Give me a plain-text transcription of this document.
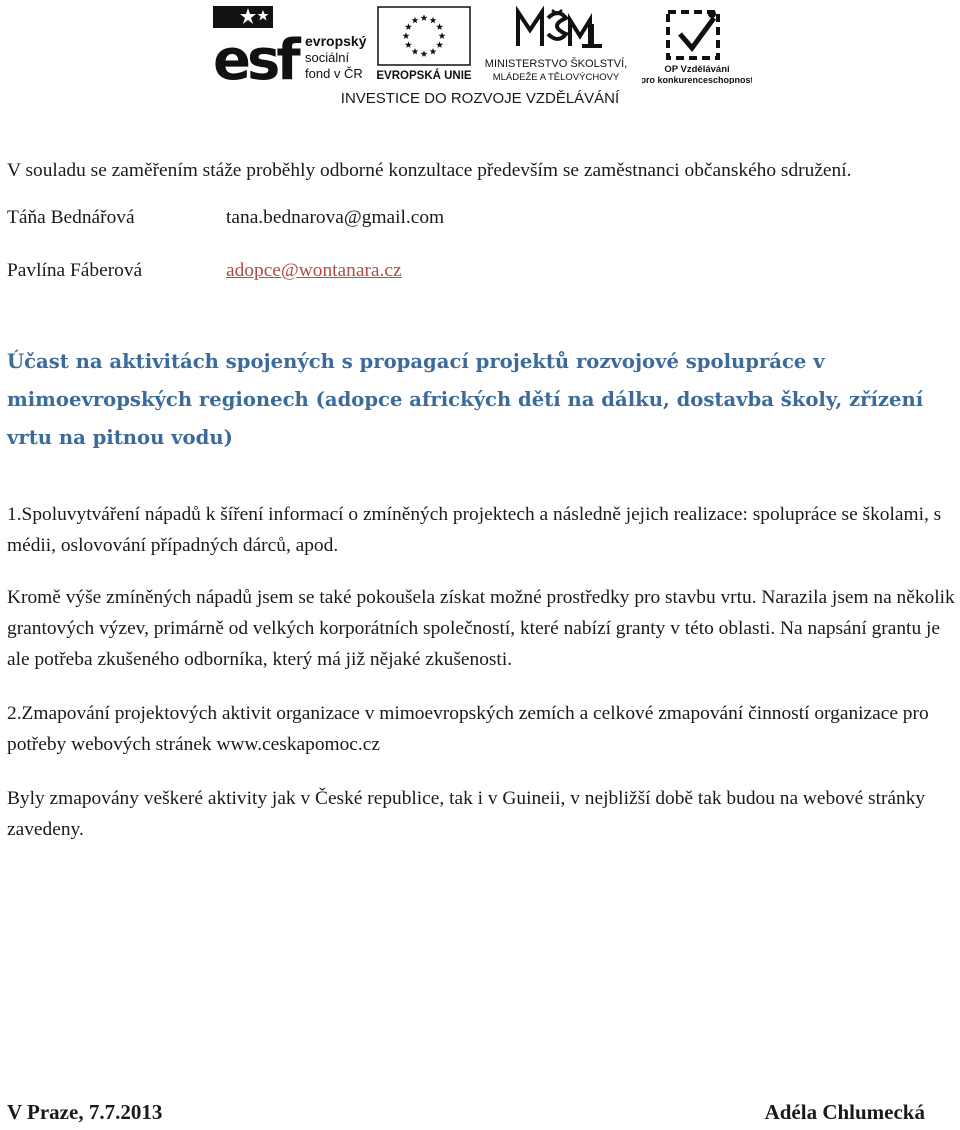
esf evropský
sociální
fond v ČR EVROPSKÁ UNIE
MINISTERSTVO ŠKOLSTVÍ,
MLÁDEŽE A TĚLOVÝCHOVY
OP Vzdělávání
pro konkurenceschopnost
INVESTICE DO ROZVOJE VZDĚLÁVÁNÍ

V souladu se zaměřením stáže proběhly odborné konzultace především se zaměstnanci občanského sdružení.

Táňa Bednářová	tana.bednarova@gmail.com
Pavlína Fáberová	adopce@wontanara.cz
Účast na aktivitách spojených s propagací projektů rozvojové spolupráce v mimoevropských regionech (adopce afrických dětí na dálku, dostavba školy, zřízení vrtu na pitnou vodu)

1.Spoluvytváření nápadů k šíření informací o zmíněných projektech a následně jejich realizace: spolupráce se školami, s médii, oslovování případných dárců, apod.

Kromě výše zmíněných nápadů jsem se také pokoušela získat možné prostředky pro stavbu vrtu. Narazila jsem na několik grantových výzev, primárně od velkých korporátních společností, které nabízí granty v této oblasti. Na napsání grantu je ale potřeba zkušeného odborníka, který má již nějaké zkušenosti.

2.Zmapování projektových aktivit organizace v mimoevropských zemích a celkové zmapování činností organizace pro potřeby webových stránek www.ceskapomoc.cz

Byly zmapovány veškeré aktivity jak v České republice, tak i v Guineii, v nejbližší době tak budou na webové stránky zavedeny.

V Praze, 7.7.2013	Adéla Chlumecká
